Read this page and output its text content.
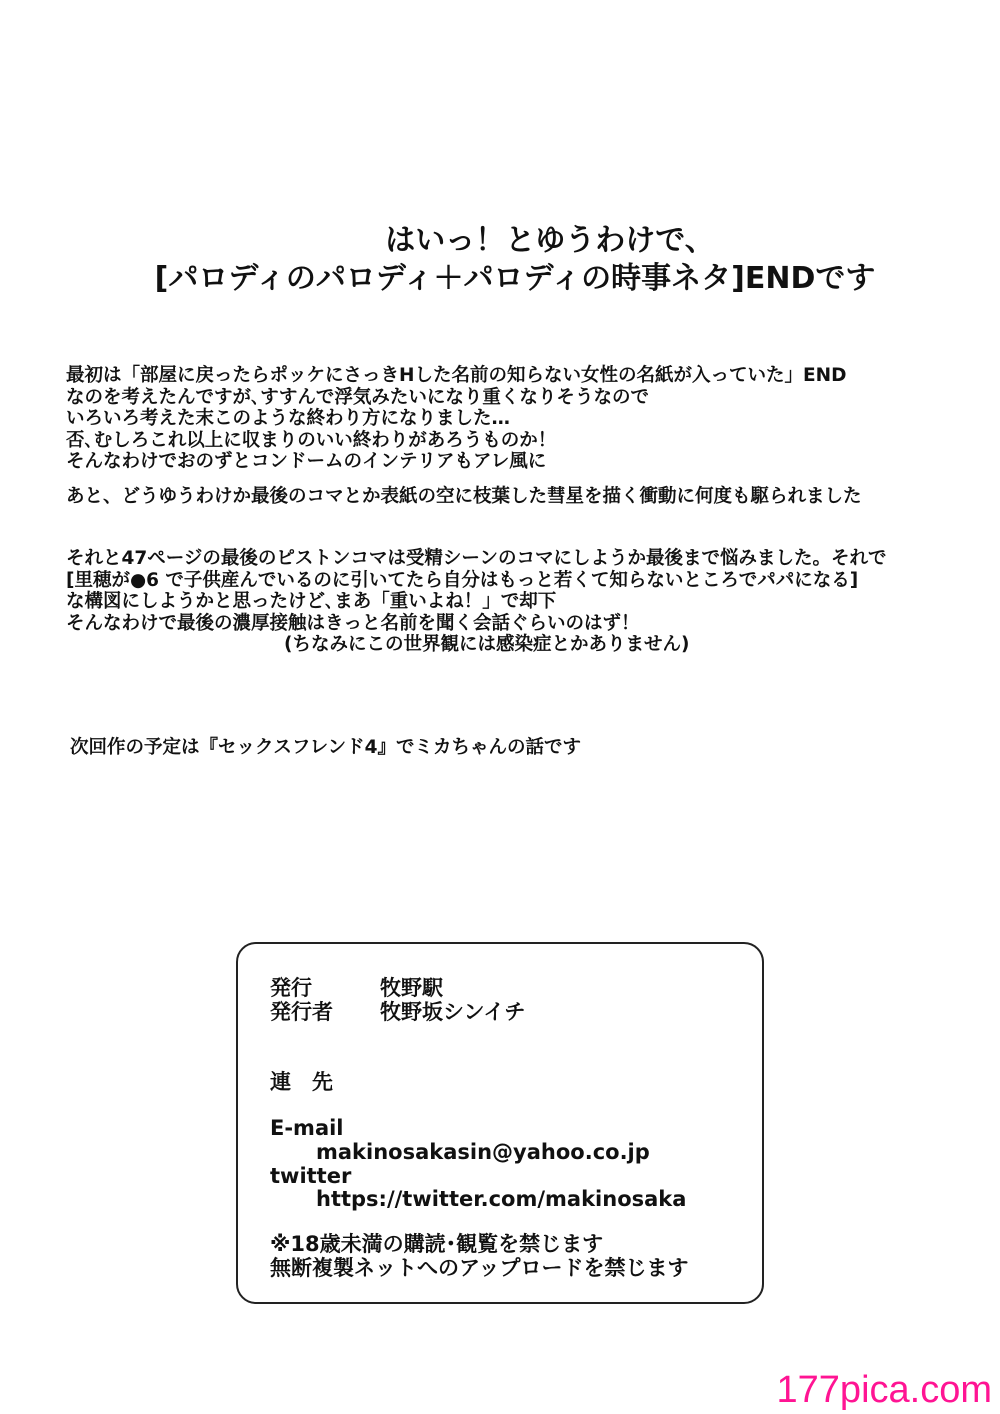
はいっ！とゆうわけで、
[パロディのパロディ＋パロディの時事ネタ]ENDです
最初は「部屋に戻ったらポッケにさっきHした名前の知らない女性の名紙が入っていた」END
なのを考えたんですが､すすんで浮気みたいになり重くなりそうなので
いろいろ考えた末このような終わり方になりました…
否､むしろこれ以上に収まりのいい終わりがあろうものか！
そんなわけでおのずとコンドームのインテリアもアレ風に
あと、どうゆうわけか最後のコマとか表紙の空に枝葉した彗星を描く衝動に何度も駆られました
それと47ページの最後のピストンコマは受精シーンのコマにしようか最後まで悩みました。それで
[里穂が●6 で子供産んでいるのに引いてたら自分はもっと若くて知らないところでパパになる]
な構図にしようかと思ったけど､まあ「重いよね！」で却下
そんなわけで最後の濃厚接触はきっと名前を聞く会話ぐらいのはず！
(ちなみにこの世界観には感染症とかありません)
次回作の予定は『セックスフレンド4』でミカちゃんの話です
発行	牧野駅
発行者 牧野坂シンイチ
連　先
E-mail
makinosakasin@yahoo.co.jp
twitter
https://twitter.com/makinosaka
※18歳未満の購読･観覧を禁じます
無断複製ネットへのアップロードを禁じます
177pica.com
